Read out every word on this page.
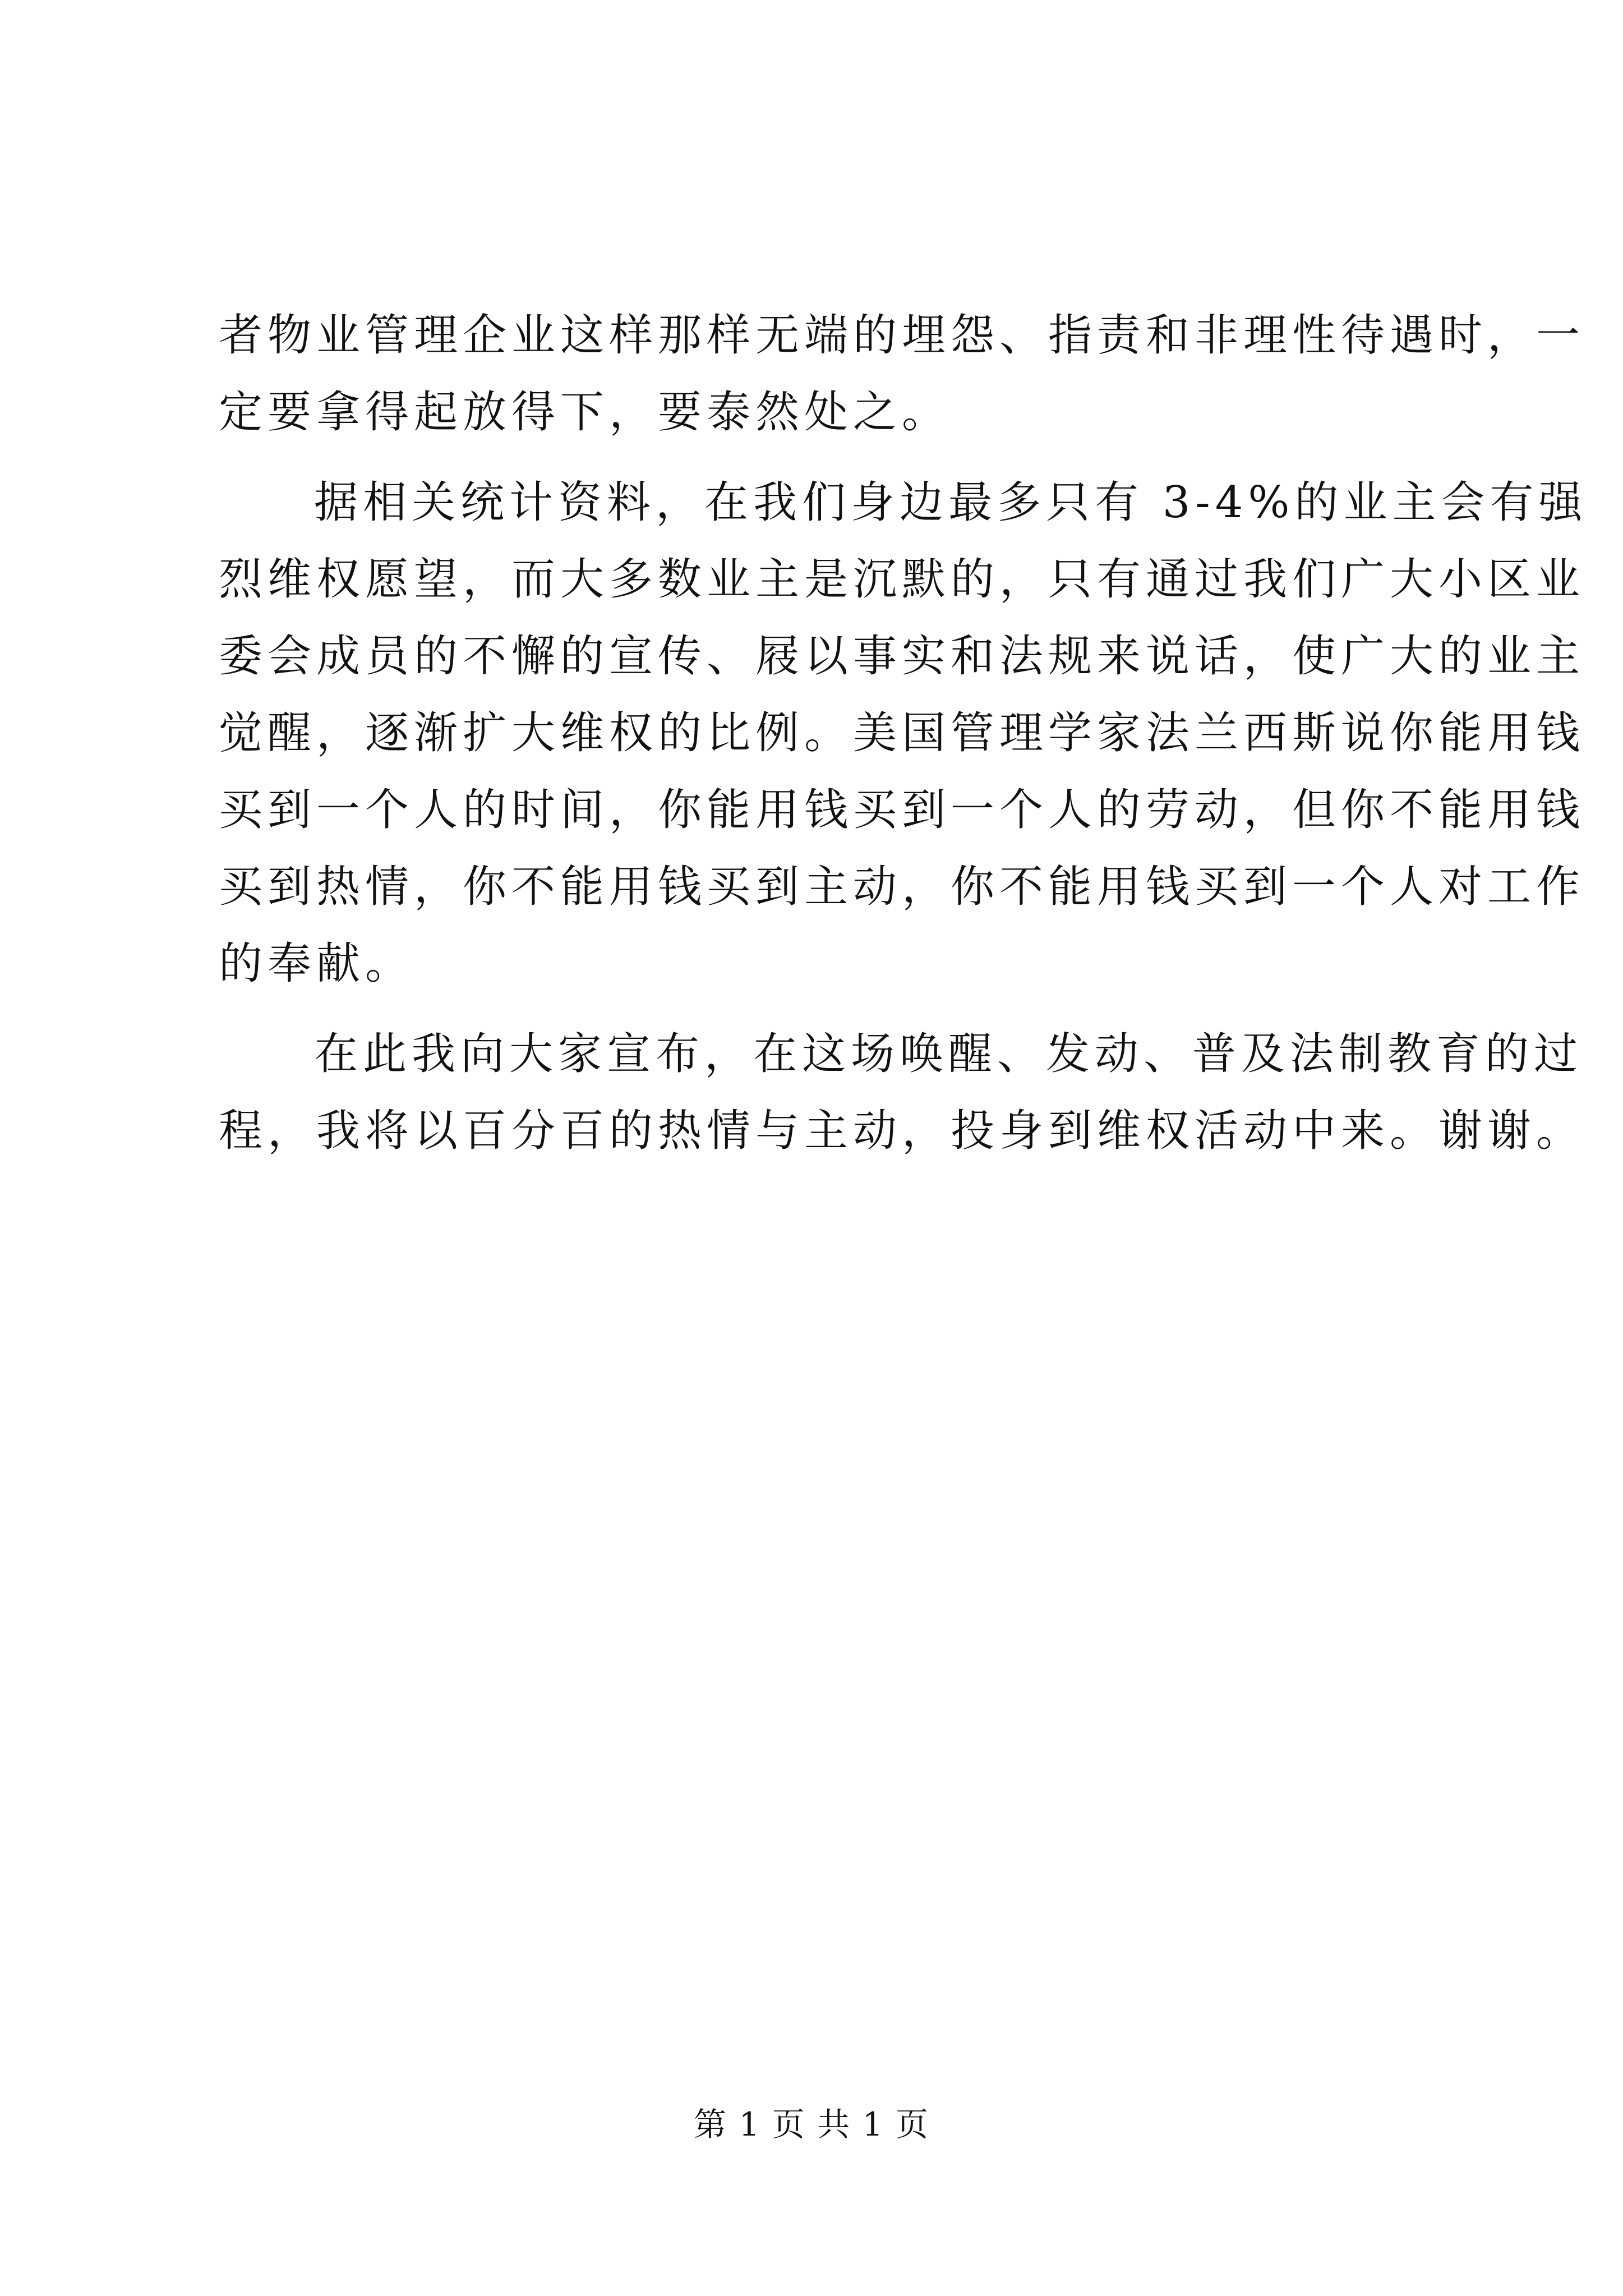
者物业管理企业这样那样无端的埋怨、指责和非理性待遇时，一
定要拿得起放得下，要泰然处之。
据相关统计资料，在我们身边最多只有 3-4%的业主会有强
烈维权愿望，而大多数业主是沉默的，只有通过我们广大小区业
委会成员的不懈的宣传、屐以事实和法规来说话，使广大的业主
觉醒，逐渐扩大维权的比例。美国管理学家法兰西斯说你能用钱
买到一个人的时间，你能用钱买到一个人的劳动，但你不能用钱
买到热情，你不能用钱买到主动，你不能用钱买到一个人对工作
的奉献。
在此我向大家宣布，在这场唤醒、发动、普及法制教育的过
程，我将以百分百的热情与主动，投身到维权活动中来。谢谢。
第 1 页 共 1 页
